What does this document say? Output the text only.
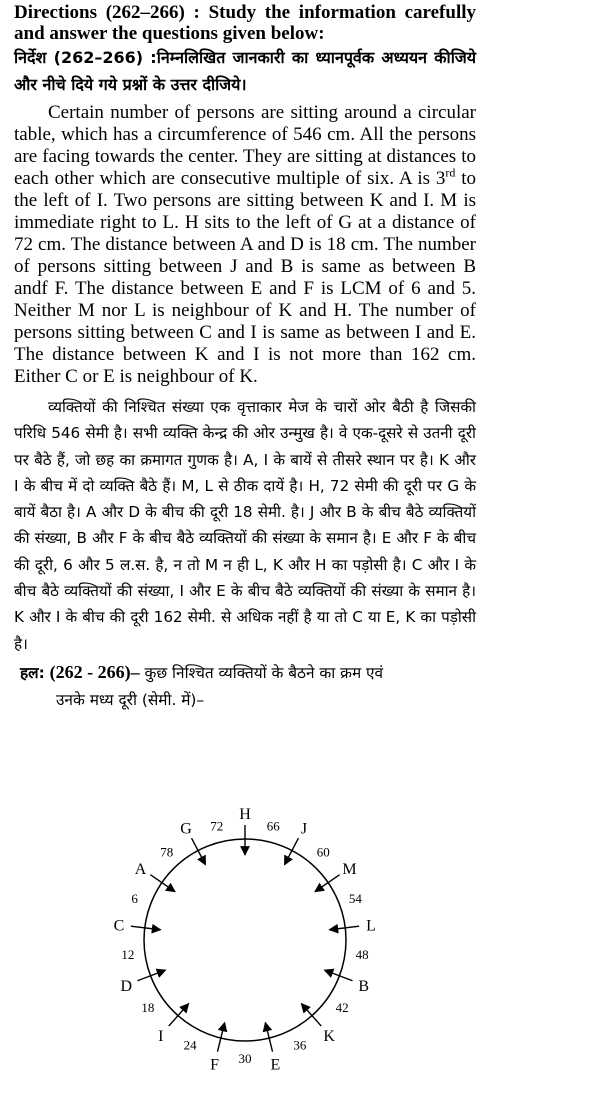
Directions (262–266) : Study the information carefully and answer the questions given below:

निर्देश (262–266) :निम्नलिखित जानकारी का ध्यानपूर्वक अध्ययन कीजिये और नीचे दिये गये प्रश्नों के उत्तर दीजिये।

Certain number of persons are sitting around a circular table, which has a circumference of 546 cm. All the persons are facing towards the center. They are sitting at distances to each other which are consecutive multiple of six. A is 3rd to the left of I. Two persons are sitting between K and I. M is immediate right to L. H sits to the left of G at a distance of 72 cm. The distance between A and D is 18 cm. The number of persons sitting between J and B is same as between B andf F. The distance between E and F is LCM of 6 and 5. Neither M nor L is neighbour of K and H. The number of persons sitting between C and I is same as between I and E. The distance between K and I is not more than 162 cm. Either C or E is neighbour of K.

व्यक्तियों की निश्चित संख्या एक वृत्ताकार मेज के चारों ओर बैठी है जिसकी परिधि 546 सेमी है। सभी व्यक्ति केन्द्र की ओर उन्मुख है। वे एक-दूसरे से उतनी दूरी पर बैठे हैं, जो छह का क्रमागत गुणक है। A, I के बायें से तीसरे स्थान पर है। K और I के बीच में दो व्यक्ति बैठे हैं। M, L से ठीक दायें है। H, 72 सेमी की दूरी पर G के बायें बैठा है। A और D के बीच की दूरी 18 सेमी. है। J और B के बीच बैठे व्यक्तियों की संख्या, B और F के बीच बैठे व्यक्तियों की संख्या के समान है। E और F के बीच की दूरी, 6 और 5 ल.स. है, न तो M न ही L, K और H का पड़ोसी है। C और I के बीच बैठे व्यक्तियों की संख्या, I और E के बीच बैठे व्यक्तियों की संख्या के समान है। K और I के बीच की दूरी 162 सेमी. से अधिक नहीं है या तो C या E, K का पड़ोसी है।

हल: (262 - 266)– कुछ निश्चित व्यक्तियों के बैठने का क्रम एवं
उनके मध्य दूरी (सेमी. में)–
H
J
M
L
B
K
E
F
I
D
C
A
G	66
60
54
48
42
36
30
24
18
12
6
78
72
